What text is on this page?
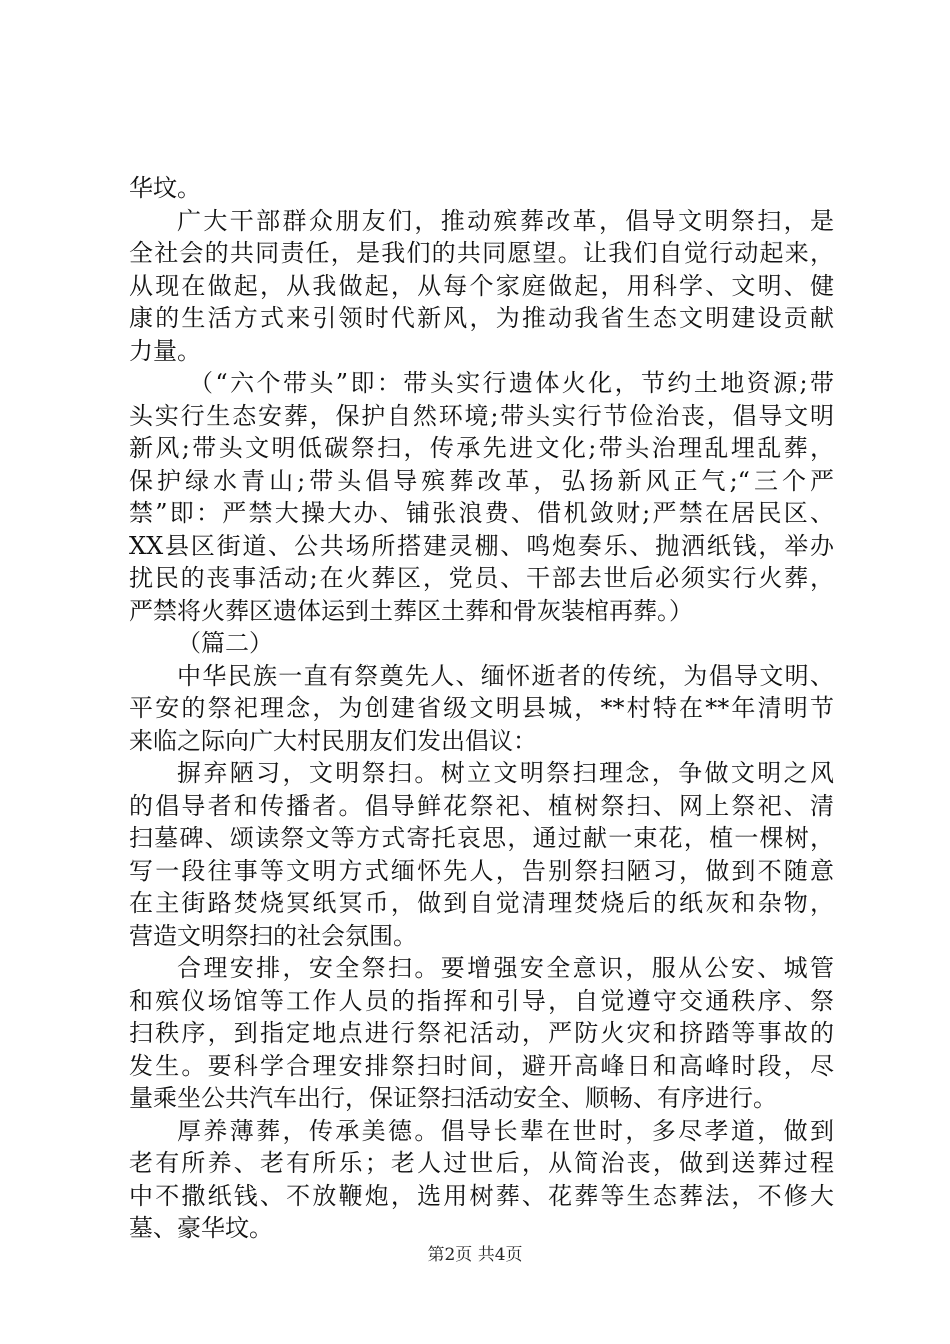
华坟。
广大干部群众朋友们，推动殡葬改革，倡导文明祭扫，是
全社会的共同责任，是我们的共同愿望。让我们自觉行动起来，
从现在做起，从我做起，从每个家庭做起，用科学、文明、健
康的生活方式来引领时代新风，为推动我省生态文明建设贡献
力量。
（“六个带头”即：带头实行遗体火化，节约土地资源;带
头实行生态安葬，保护自然环境;带头实行节俭治丧，倡导文明
新风;带头文明低碳祭扫，传承先进文化;带头治理乱埋乱葬，
保护绿水青山;带头倡导殡葬改革，弘扬新风正气;“三个严
禁”即：严禁大操大办、铺张浪费、借机敛财;严禁在居民区、
XX县区街道、公共场所搭建灵棚、鸣炮奏乐、抛洒纸钱，举办
扰民的丧事活动;在火葬区，党员、干部去世后必须实行火葬，
严禁将火葬区遗体运到土葬区土葬和骨灰装棺再葬。）
（篇二）
中华民族一直有祭奠先人、缅怀逝者的传统，为倡导文明、
平安的祭祀理念，为创建省级文明县城，**村特在**年清明节
来临之际向广大村民朋友们发出倡议：
摒弃陋习，文明祭扫。树立文明祭扫理念，争做文明之风
的倡导者和传播者。倡导鲜花祭祀、植树祭扫、网上祭祀、清
扫墓碑、颂读祭文等方式寄托哀思，通过献一束花，植一棵树，
写一段往事等文明方式缅怀先人，告别祭扫陋习，做到不随意
在主街路焚烧冥纸冥币，做到自觉清理焚烧后的纸灰和杂物，
营造文明祭扫的社会氛围。
合理安排，安全祭扫。要增强安全意识，服从公安、城管
和殡仪场馆等工作人员的指挥和引导，自觉遵守交通秩序、祭
扫秩序，到指定地点进行祭祀活动，严防火灾和挤踏等事故的
发生。要科学合理安排祭扫时间，避开高峰日和高峰时段，尽
量乘坐公共汽车出行，保证祭扫活动安全、顺畅、有序进行。
厚养薄葬，传承美德。倡导长辈在世时，多尽孝道，做到
老有所养、老有所乐；老人过世后，从简治丧，做到送葬过程
中不撒纸钱、不放鞭炮，选用树葬、花葬等生态葬法，不修大
墓、豪华坟。
第2页 共4页
